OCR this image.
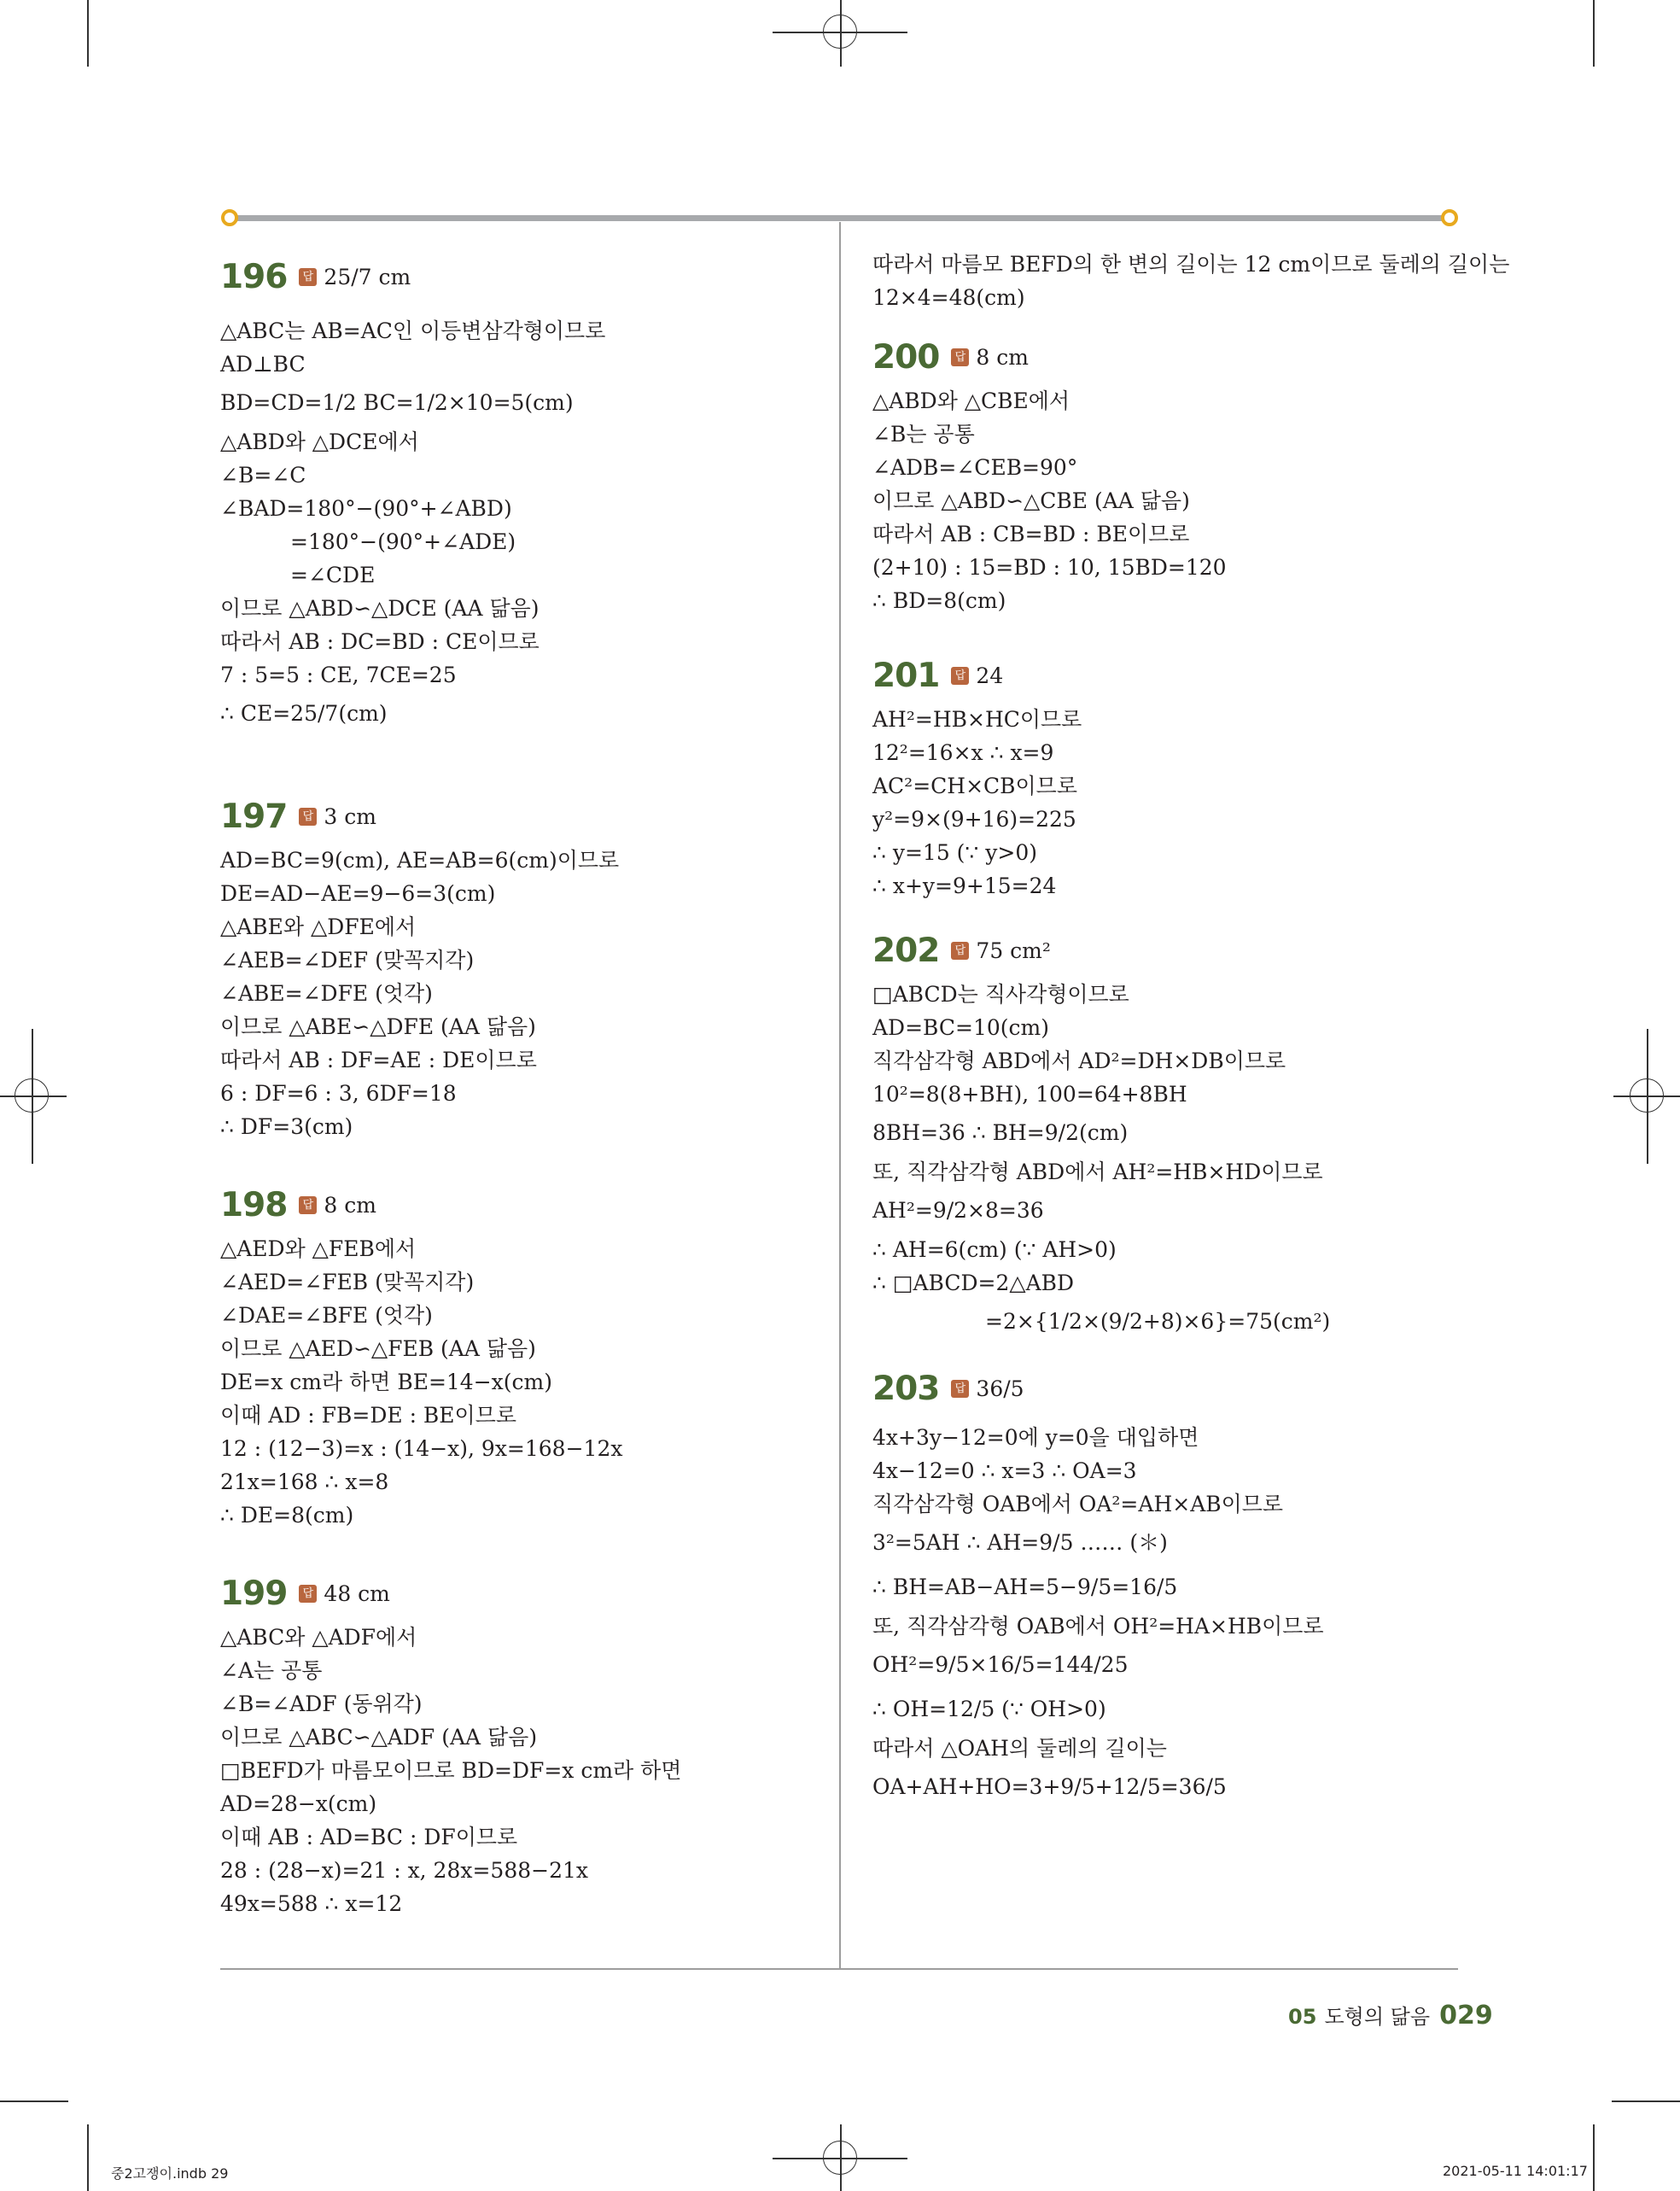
196	답 25/7 cm
△ABC는 AB=AC인 이등변삼각형이므로
AD⊥BC
BD=CD=1/2 BC=1/2×10=5(cm)
△ABD와 △DCE에서
∠B=∠C
∠BAD=180°−(90°+∠ABD)
=180°−(90°+∠ADE)
=∠CDE
이므로 △ABD∽△DCE (AA 닮음)
따라서 AB : DC=BD : CE이므로
7 : 5=5 : CE, 7CE=25
∴ CE=25/7(cm)
197	답 3 cm
AD=BC=9(cm), AE=AB=6(cm)이므로
DE=AD−AE=9−6=3(cm)
△ABE와 △DFE에서
∠AEB=∠DEF (맞꼭지각)
∠ABE=∠DFE (엇각)
이므로 △ABE∽△DFE (AA 닮음)
따라서 AB : DF=AE : DE이므로
6 : DF=6 : 3, 6DF=18
∴ DF=3(cm)
198	답 8 cm
△AED와 △FEB에서
∠AED=∠FEB (맞꼭지각)
∠DAE=∠BFE (엇각)
이므로 △AED∽△FEB (AA 닮음)
DE=x cm라 하면 BE=14−x(cm)
이때 AD : FB=DE : BE이므로
12 : (12−3)=x : (14−x), 9x=168−12x
21x=168 ∴ x=8
∴ DE=8(cm)
199	답 48 cm
△ABC와 △ADF에서
∠A는 공통
∠B=∠ADF (동위각)
이므로 △ABC∽△ADF (AA 닮음)
□BEFD가 마름모이므로 BD=DF=x cm라 하면
AD=28−x(cm)
이때 AB : AD=BC : DF이므로
28 : (28−x)=21 : x, 28x=588−21x
49x=588 ∴ x=12
따라서 마름모 BEFD의 한 변의 길이는 12 cm이므로 둘레의 길이는
12×4=48(cm)
200	답 8 cm
△ABD와 △CBE에서
∠B는 공통
∠ADB=∠CEB=90°
이므로 △ABD∽△CBE (AA 닮음)
따라서 AB : CB=BD : BE이므로
(2+10) : 15=BD : 10, 15BD=120
∴ BD=8(cm)
201	답 24
AH²=HB×HC이므로
12²=16×x ∴ x=9
AC²=CH×CB이므로
y²=9×(9+16)=225
∴ y=15 (∵ y>0)
∴ x+y=9+15=24
202	답 75 cm²
□ABCD는 직사각형이므로
AD=BC=10(cm)
직각삼각형 ABD에서 AD²=DH×DB이므로
10²=8(8+BH), 100=64+8BH
8BH=36 ∴ BH=9/2(cm)
또, 직각삼각형 ABD에서 AH²=HB×HD이므로
AH²=9/2×8=36
∴ AH=6(cm) (∵ AH>0)
∴ □ABCD=2△ABD
=2×{1/2×(9/2+8)×6}=75(cm²)
203	답 36/5
4x+3y−12=0에 y=0을 대입하면
4x−12=0 ∴ x=3 ∴ OA=3
직각삼각형 OAB에서 OA²=AH×AB이므로
3²=5AH ∴ AH=9/5 …… (＊)
∴ BH=AB−AH=5−9/5=16/5
또, 직각삼각형 OAB에서 OH²=HA×HB이므로
OH²=9/5×16/5=144/25
∴ OH=12/5 (∵ OH>0)
따라서 △OAH의 둘레의 길이는
OA+AH+HO=3+9/5+12/5=36/5
05 도형의 닮음 029
중2고쟁이.indb 29	2021-05-11 14:01:17
